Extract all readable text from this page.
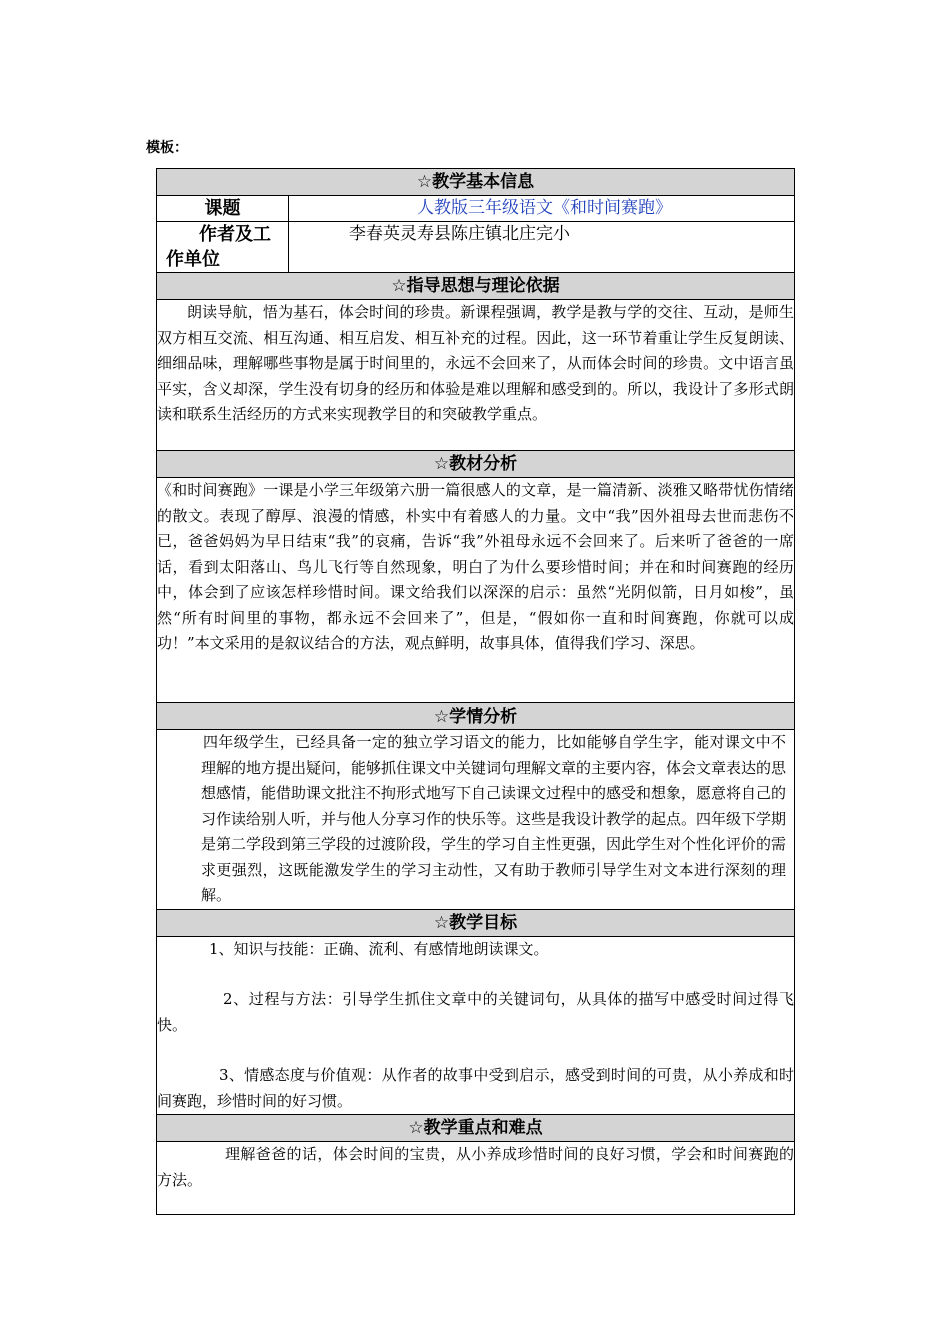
模板：
☆教学基本信息	
课题	人教版三年级语文《和时间赛跑》

作者及工
作单位	李春英灵寿县陈庄镇北庄完小
☆指导思想与理论依据	
朗读导航，悟为基石，体会时间的珍贵。新课程强调，教学是教与学的交往、互动，是师生双方相互交流、相互沟通、相互启发、相互补充的过程。因此，这一环节着重让学生反复朗读、细细品味，理解哪些事物是属于时间里的，永远不会回来了，从而体会时间的珍贵。文中语言虽平实，含义却深，学生没有切身的经历和体验是难以理解和感受到的。所以，我设计了多形式朗读和联系生活经历的方式来实现教学目的和突破教学重点。	
☆教材分析	
《和时间赛跑》一课是小学三年级第六册一篇很感人的文章，是一篇清新、淡雅又略带忧伤情绪的散文。表现了醇厚、浪漫的情感，朴实中有着感人的力量。文中“我”因外祖母去世而悲伤不已，爸爸妈妈为早日结束“我”的哀痛，告诉“我”外祖母永远不会回来了。后来听了爸爸的一席话，看到太阳落山、鸟儿飞行等自然现象，明白了为什么要珍惜时间；并在和时间赛跑的经历中，体会到了应该怎样珍惜时间。课文给我们以深深的启示：虽然“光阴似箭，日月如梭”，虽然“所有时间里的事物，都永远不会回来了”，但是，“假如你一直和时间赛跑，你就可以成功！”本文采用的是叙议结合的方法，观点鲜明，故事具体，值得我们学习、深思。	
☆学情分析	
四年级学生，已经具备一定的独立学习语文的能力，比如能够自学生字，能对课文中不理解的地方提出疑问，能够抓住课文中关键词句理解文章的主要内容，体会文章表达的思想感情，能借助课文批注不拘形式地写下自己读课文过程中的感受和想象，愿意将自己的习作读给别人听，并与他人分享习作的快乐等。这些是我设计教学的起点。四年级下学期是第二学段到第三学段的过渡阶段，学生的学习自主性更强，因此学生对个性化评价的需求更强烈，这既能激发学生的学习主动性，又有助于教师引导学生对文本进行深刻的理解。	
☆教学目标	

1、知识与技能：正确、流利、有感情地朗读课文。

2、过程与方法：引导学生抓住文章中的关键词句，从具体的描写中感受时间过得飞快。

3、情感态度与价值观：从作者的故事中受到启示，感受到时间的可贵，从小养成和时间赛跑，珍惜时间的好习惯。	

☆教学重点和难点	
理解爸爸的话，体会时间的宝贵，从小养成珍惜时间的良好习惯，学会和时间赛跑的方法。	
